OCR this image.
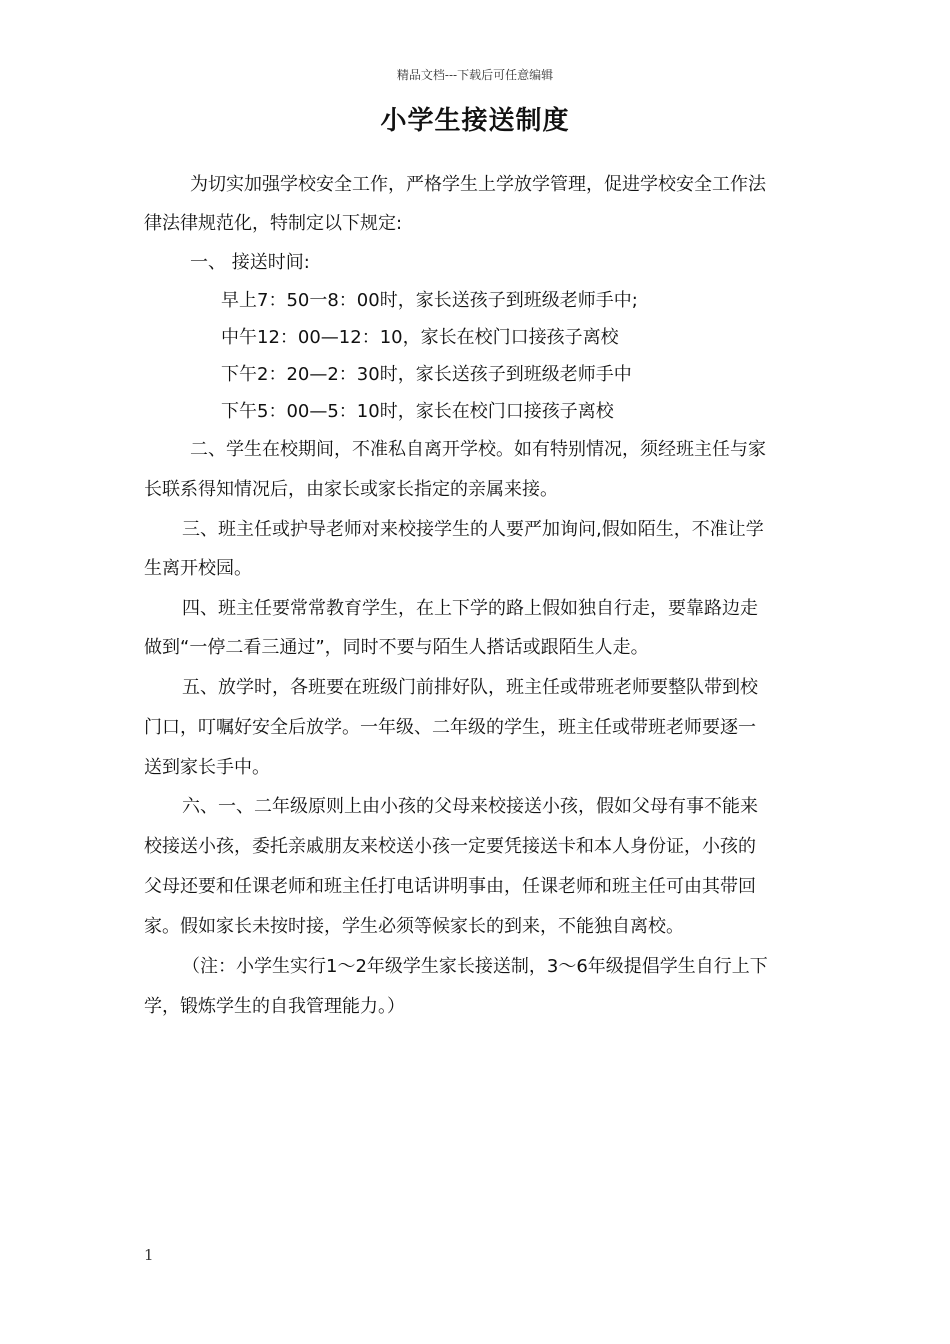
精品文档---下载后可任意编辑
小学生接送制度
为切实加强学校安全工作，严格学生上学放学管理，促进学校安全工作法
律法律规范化，特制定以下规定:
一、 接送时间:
早上7：50一8：00时，家长送孩子到班级老师手中;
中午12：00—12：10，家长在校门口接孩子离校
下午2：20—2：30时，家长送孩子到班级老师手中
下午5：00—5：10时，家长在校门口接孩子离校
二、学生在校期间，不准私自离开学校。如有特别情况，须经班主任与家
长联系得知情况后，由家长或家长指定的亲属来接。
三、班主任或护导老师对来校接学生的人要严加询问,假如陌生，不准让学
生离开校园。
四、班主任要常常教育学生，在上下学的路上假如独自行走，要靠路边走
做到“一停二看三通过”，同时不要与陌生人搭话或跟陌生人走。
五、放学时，各班要在班级门前排好队，班主任或带班老师要整队带到校
门口，叮嘱好安全后放学。一年级、二年级的学生，班主任或带班老师要逐一
送到家长手中。
六、一、二年级原则上由小孩的父母来校接送小孩，假如父母有事不能来
校接送小孩，委托亲戚朋友来校送小孩一定要凭接送卡和本人身份证，小孩的
父母还要和任课老师和班主任打电话讲明事由，任课老师和班主任可由其带回
家。假如家长未按时接，学生必须等候家长的到来，不能独自离校。
（注：小学生实行1～2年级学生家长接送制，3～6年级提倡学生自行上下
学，锻炼学生的自我管理能力。）
1
